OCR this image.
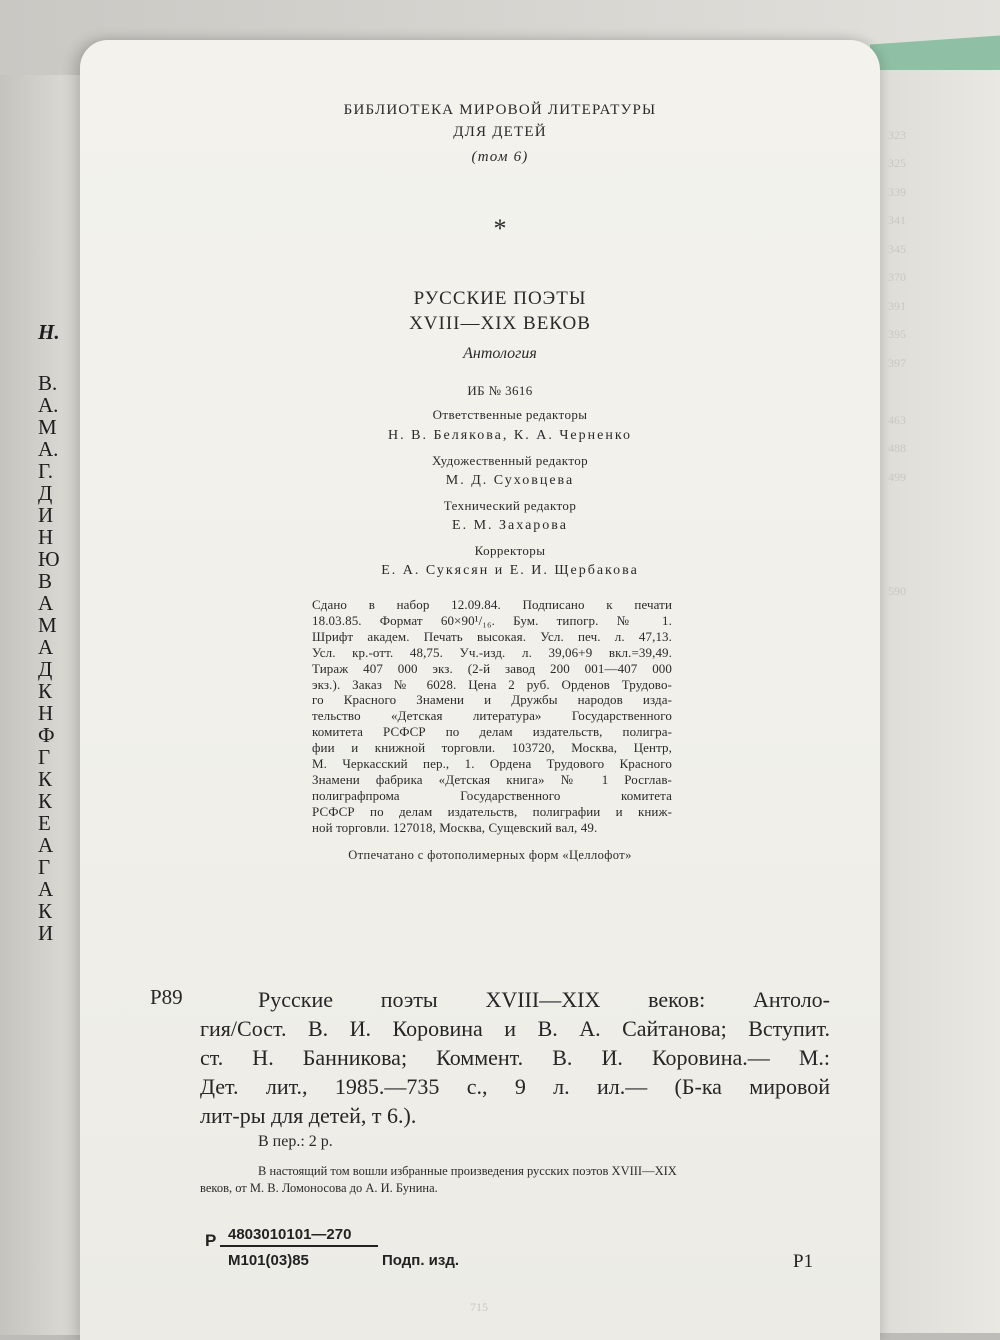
Н.
В.
А.
М
А.
Г.
Д
И
Н
Ю
В
А
М
А
Д
К
Н
Ф
Г
К
К
Е
А
Г
А
К
И
323
325
339
341
345
370
391
395
397
463
488
499
590
715
БИБЛИОТЕКА МИРОВОЙ ЛИТЕРАТУРЫ
ДЛЯ ДЕТЕЙ
(том 6)
*
РУССКИЕ ПОЭТЫ
XVIII—XIX ВЕКОВ
Антология
ИБ № 3616
Ответственные редакторы
Н. В. Белякова, К. А. Черненко
Художественный редактор
М. Д. Суховцева
Технический редактор
Е. М. Захарова
Корректоры
Е. А. Сукясян и Е. И. Щербакова
Сдано в набор 12.09.84. Подписано к печати
18.03.85. Формат 60×90¹/₁₆. Бум. типогр. № 1.
Шрифт академ. Печать высокая. Усл. печ. л. 47,13.
Усл. кр.-отт. 48,75. Уч.-изд. л. 39,06+9 вкл.=39,49.
Тираж 407 000 экз. (2-й завод 200 001—407 000
экз.). Заказ № 6028. Цена 2 руб. Орденов Трудово-
го Красного Знамени и Дружбы народов изда-
тельство «Детская литература» Государственного
комитета РСФСР по делам издательств, полигра-
фии и книжной торговли. 103720, Москва, Центр,
М. Черкасский пер., 1. Ордена Трудового Красного
Знамени фабрика «Детская книга» № 1 Росглав-
полиграфпрома Государственного комитета
РСФСР по делам издательств, полиграфии и книж-
ной торговли. 127018, Москва, Сущевский вал, 49.
Отпечатано с фотополимерных форм «Целлофот»
Р89	Русские поэты XVIII—XIX веков: Антоло-
гия/Сост. В. И. Коровина и В. А. Сайтанова; Вступит.
ст. Н. Банникова; Коммент. В. И. Коровина.— М.:
Дет. лит., 1985.—735 с., 9 л. ил.— (Б-ка мировой
лит-ры для детей, т 6.).
В пер.: 2 р.
В настоящий том вошли избранные произведения русских поэтов XVIII—XIX
веков, от М. В. Ломоносова до А. И. Бунина.
Р 4803010101—270
М101(03)85	Подп. изд.	Р1
